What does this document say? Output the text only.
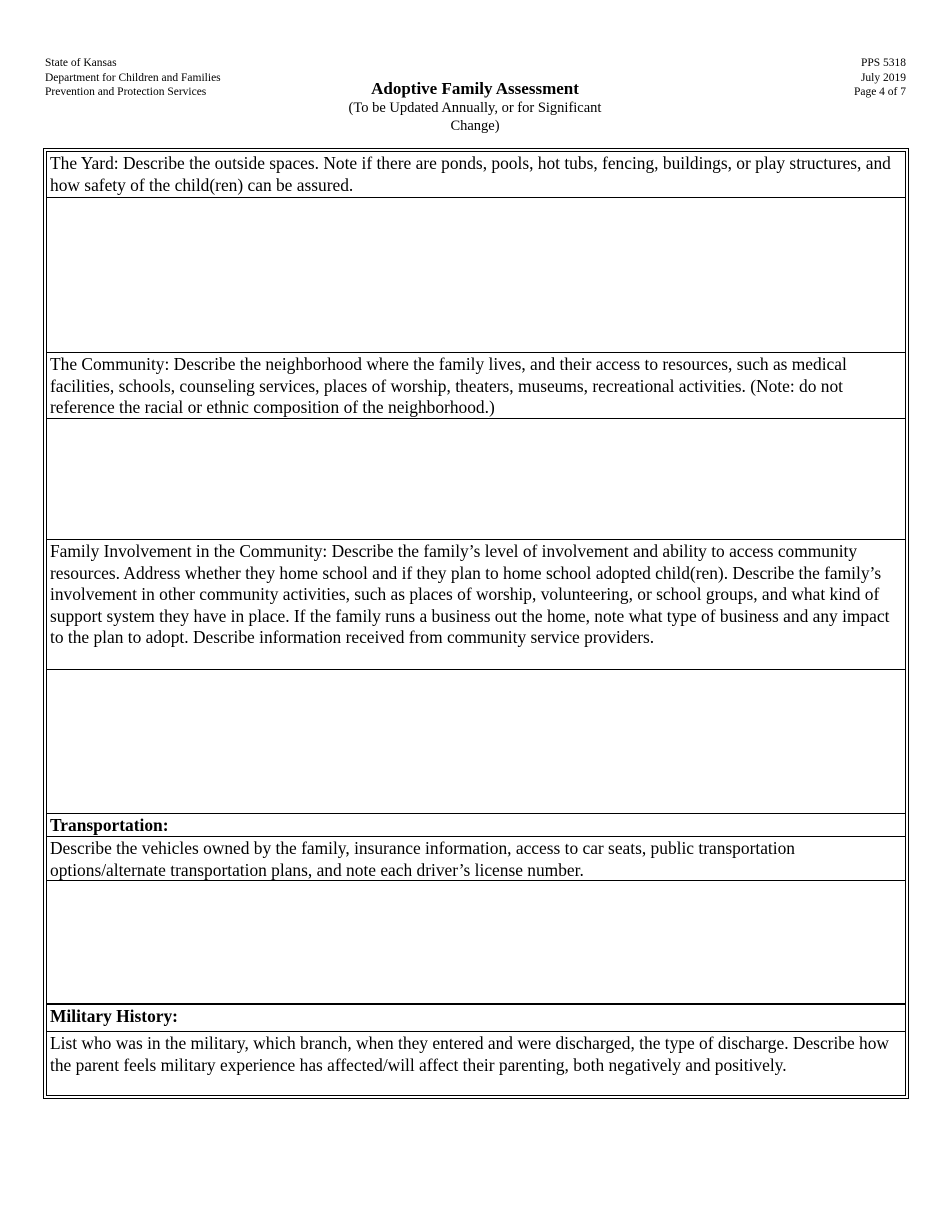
State of Kansas
Department for Children and Families
Prevention and Protection Services	Adoptive Family Assessment
(To be Updated Annually, or for Significant
Change)
PPS 5318
July 2019
Page 4 of 7
The Yard: Describe the outside spaces. Note if there are ponds, pools, hot tubs, fencing, buildings, or play structures, and how safety of the child(ren) can be assured.
The Community: Describe the neighborhood where the family lives, and their access to resources, such as medical facilities, schools, counseling services, places of worship, theaters, museums, recreational activities. (Note: do not reference the racial or ethnic composition of the neighborhood.)
Family Involvement in the Community: Describe the family’s level of involvement and ability to access community resources. Address whether they home school and if they plan to home school adopted child(ren). Describe the family’s involvement in other community activities, such as places of worship, volunteering, or school groups, and what kind of support system they have in place. If the family runs a business out the home, note what type of business and any impact to the plan to adopt. Describe information received from community service providers.
Transportation:
Describe the vehicles owned by the family, insurance information, access to car seats, public transportation options/alternate transportation plans, and note each driver’s license number.
Military History:
List who was in the military, which branch, when they entered and were discharged, the type of discharge. Describe how the parent feels military experience has affected/will affect their parenting, both negatively and positively.
